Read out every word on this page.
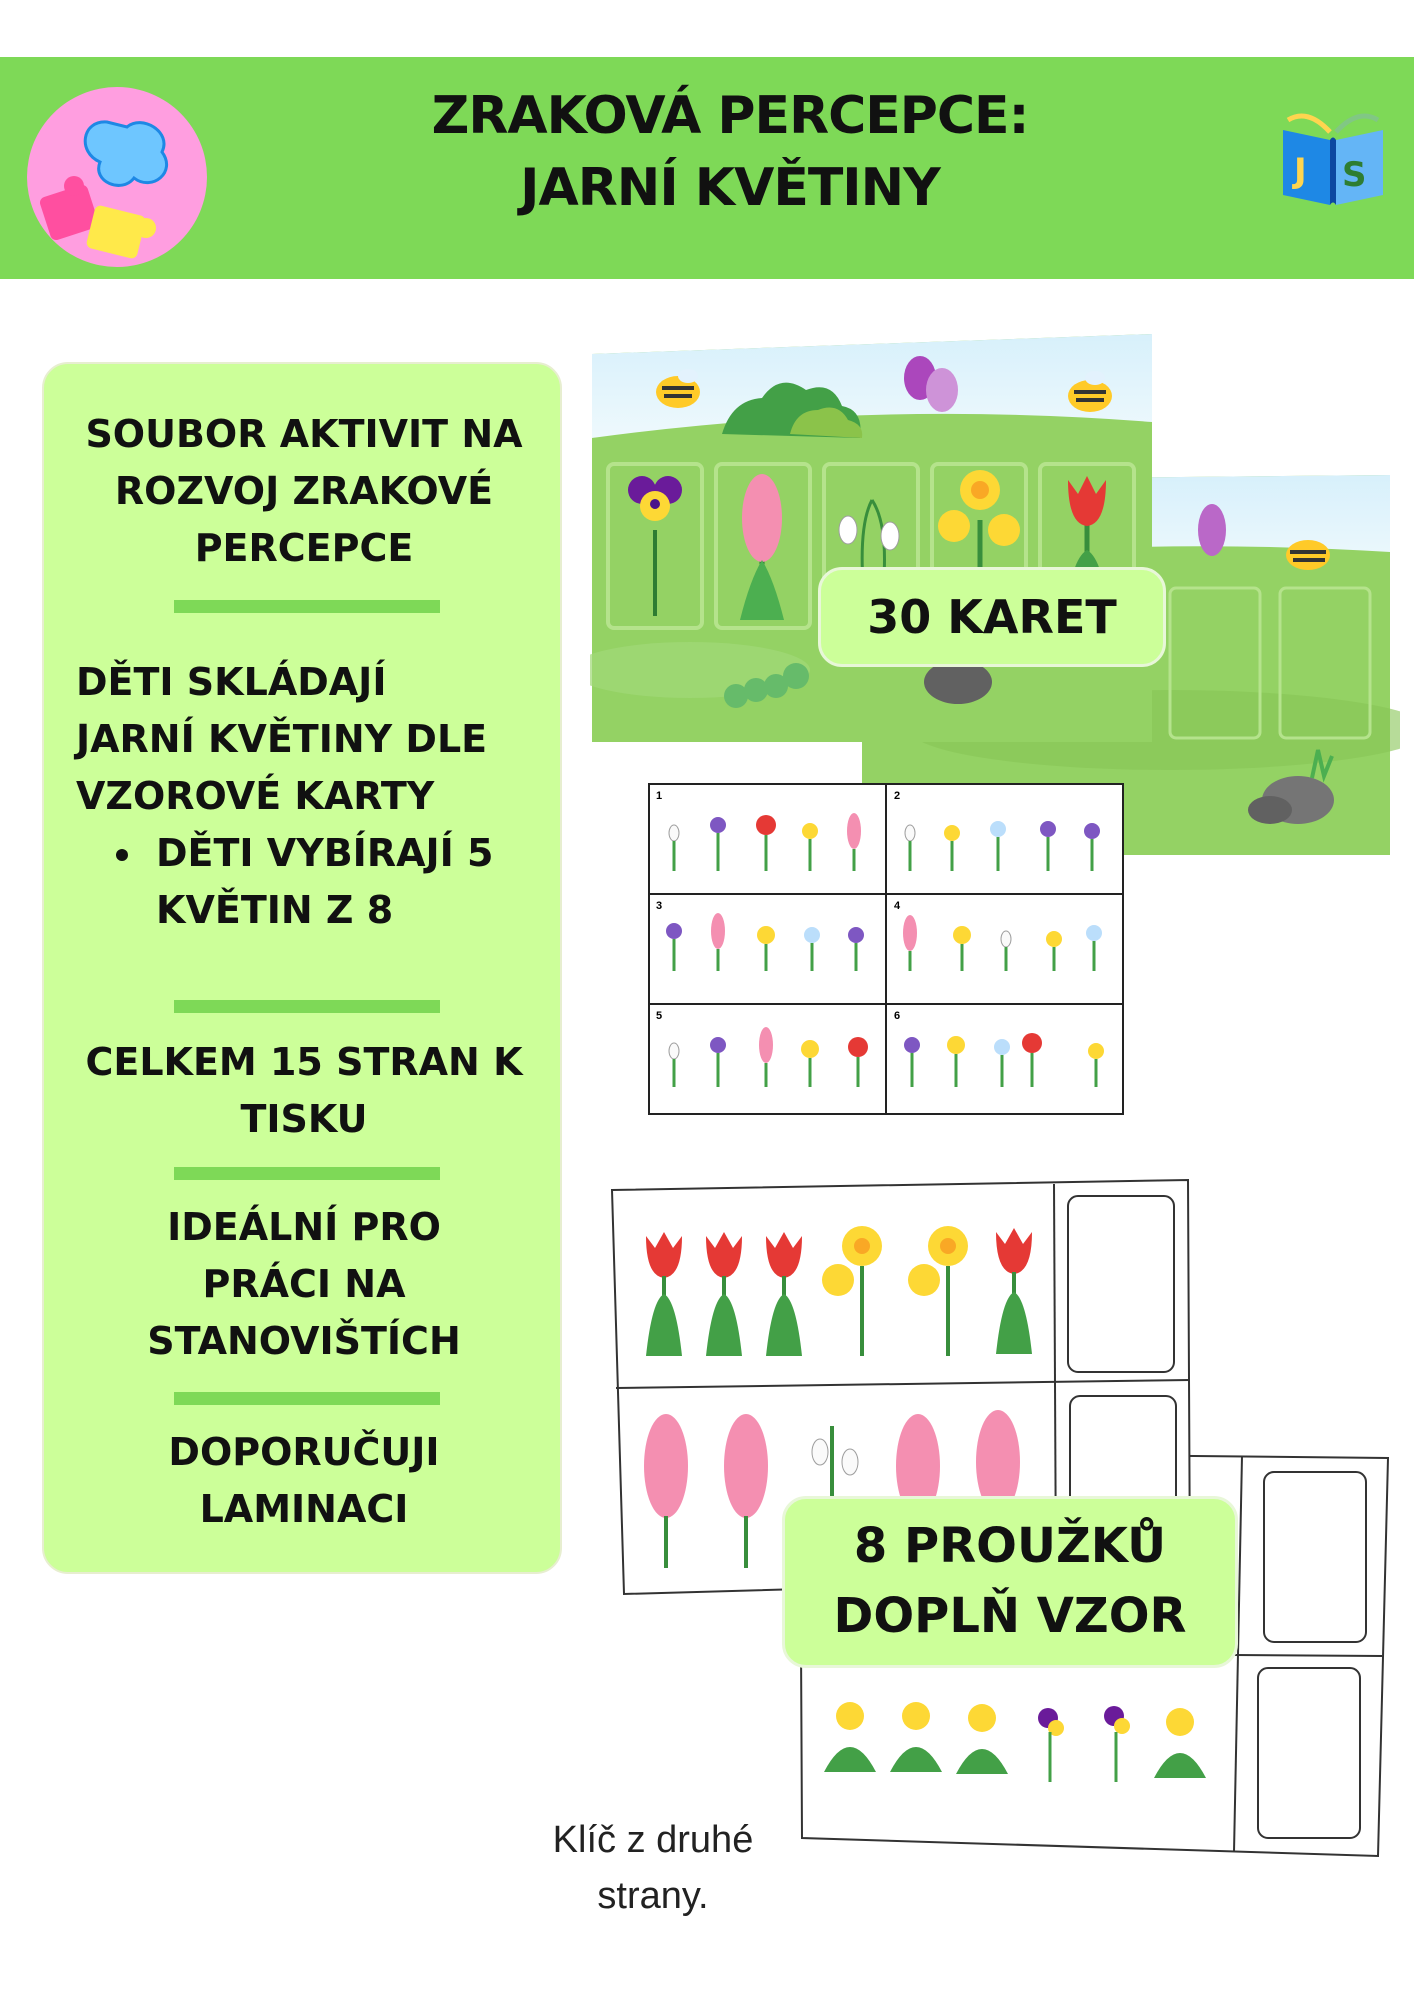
ZRAKOVÁ PERCEPCE:
JARNÍ KVĚTINY	J S
SOUBOR AKTIVIT NA
ROZVOJ ZRAKOVÉ
PERCEPCE
DĚTI SKLÁDAJÍ
JARNÍ KVĚTINY DLE
VZOROVÉ KARTY
DĚTI VYBÍRAJÍ 5
KVĚTIN Z 8
CELKEM 15 STRAN K
TISKU
IDEÁLNÍ PRO
PRÁCI NA
STANOVIŠTÍCH
DOPORUČUJI
LAMINACI
30 KARET
1	2
3	4
5	6
8 PROUŽKŮ
DOPLŇ VZOR
Klíč z druhé
strany.
